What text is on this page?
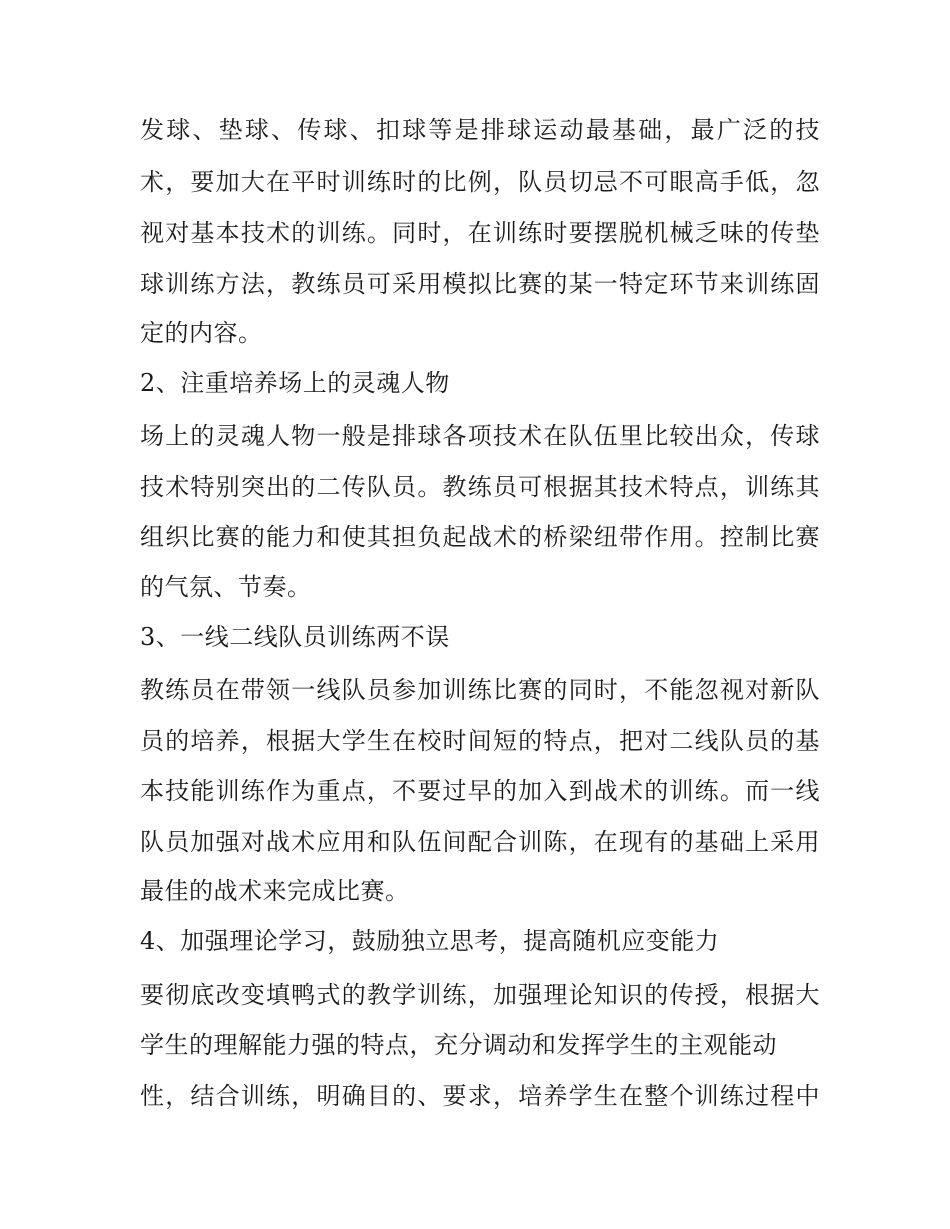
发球、垫球、传球、扣球等是排球运动最基础，最广泛的技
术，要加大在平时训练时的比例，队员切忌不可眼高手低，忽
视对基本技术的训练。同时，在训练时要摆脱机械乏味的传垫
球训练方法，教练员可采用模拟比赛的某一特定环节来训练固
定的内容。
2、注重培养场上的灵魂人物
场上的灵魂人物一般是排球各项技术在队伍里比较出众，传球
技术特别突出的二传队员。教练员可根据其技术特点，训练其
组织比赛的能力和使其担负起战术的桥梁纽带作用。控制比赛
的气氛、节奏。
3、一线二线队员训练两不误
教练员在带领一线队员参加训练比赛的同时，不能忽视对新队
员的培养，根据大学生在校时间短的特点，把对二线队员的基
本技能训练作为重点，不要过早的加入到战术的训练。而一线
队员加强对战术应用和队伍间配合训陈，在现有的基础上采用
最佳的战术来完成比赛。
4、加强理论学习，鼓励独立思考，提高随机应变能力
要彻底改变填鸭式的教学训练，加强理论知识的传授，根据大
学生的理解能力强的特点，充分调动和发挥学生的主观能动
性，结合训练，明确目的、要求，培养学生在整个训练过程中
